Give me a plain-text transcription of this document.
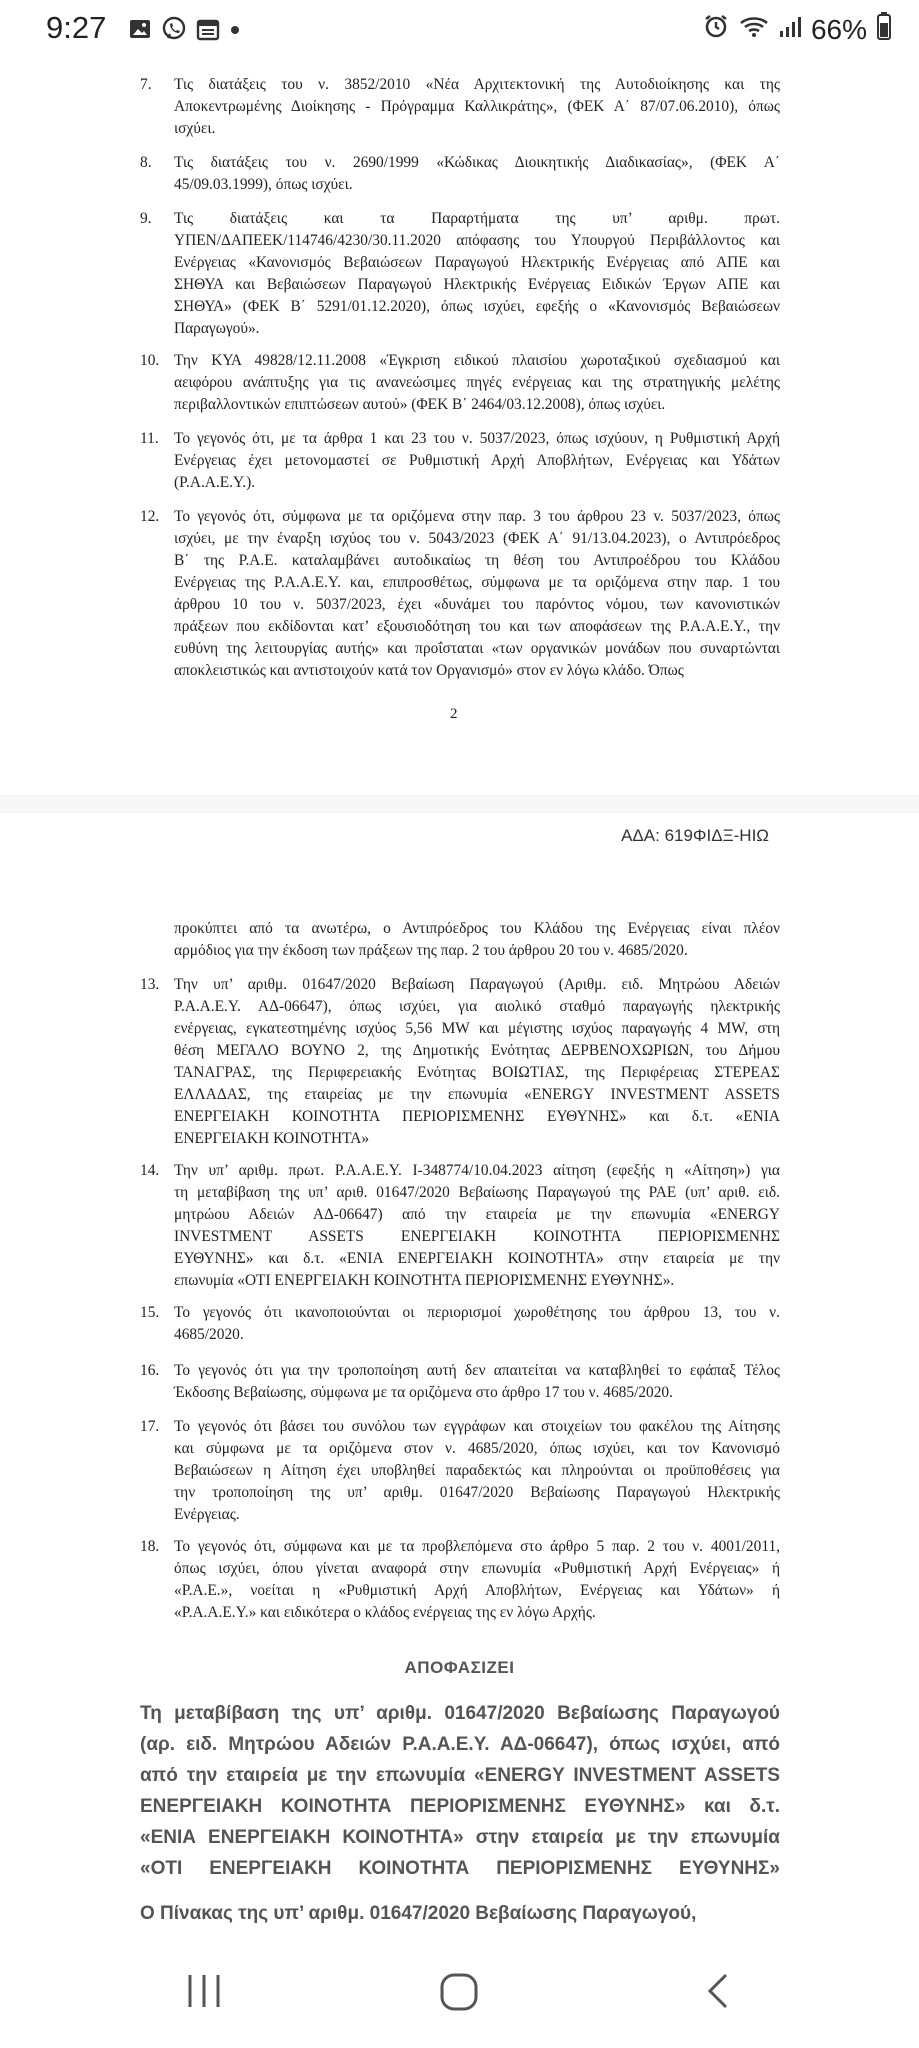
9:27	66%
7. Τις διατάξεις του ν. 3852/2010 «Νέα Αρχιτεκτονική της Αυτοδιοίκησης και της
Αποκεντρωμένης Διοίκησης - Πρόγραμμα Καλλικράτης», (ΦΕΚ Α΄ 87/07.06.2010), όπως
ισχύει.
8. Τις διατάξεις του ν. 2690/1999 «Κώδικας Διοικητικής Διαδικασίας», (ΦΕΚ Α΄
45/09.03.1999), όπως ισχύει.
9. Τις διατάξεις και τα Παραρτήματα της υπ’ αριθμ. πρωτ.
ΥΠΕΝ/ΔΑΠΕΕΚ/114746/4230/30.11.2020 απόφασης του Υπουργού Περιβάλλοντος και
Ενέργειας «Κανονισμός Βεβαιώσεων Παραγωγού Ηλεκτρικής Ενέργειας από ΑΠΕ και
ΣΗΘΥΑ και Βεβαιώσεων Παραγωγού Ηλεκτρικής Ενέργειας Ειδικών Έργων ΑΠΕ και
ΣΗΘΥΑ» (ΦΕΚ Β΄ 5291/01.12.2020), όπως ισχύει, εφεξής ο «Κανονισμός Βεβαιώσεων
Παραγωγού».
10. Την ΚΥΑ 49828/12.11.2008 «Έγκριση ειδικού πλαισίου χωροταξικού σχεδιασμού και
αειφόρου ανάπτυξης για τις ανανεώσιμες πηγές ενέργειας και της στρατηγικής μελέτης
περιβαλλοντικών επιπτώσεων αυτού» (ΦΕΚ Β΄ 2464/03.12.2008), όπως ισχύει.
11. Το γεγονός ότι, με τα άρθρα 1 και 23 του ν. 5037/2023, όπως ισχύουν, η Ρυθμιστική Αρχή
Ενέργειας έχει μετονομαστεί σε Ρυθμιστική Αρχή Αποβλήτων, Ενέργειας και Υδάτων
(Ρ.Α.Α.Ε.Υ.).
12. Το γεγονός ότι, σύμφωνα με τα οριζόμενα στην παρ. 3 του άρθρου 23 v. 5037/2023, όπως
ισχύει, με την έναρξη ισχύος του ν. 5043/2023 (ΦΕΚ Α΄ 91/13.04.2023), ο Αντιπρόεδρος
Β΄ της Ρ.Α.Ε. καταλαμβάνει αυτοδικαίως τη θέση του Αντιπροέδρου του Κλάδου
Ενέργειας της Ρ.Α.Α.Ε.Υ. και, επιπροσθέτως, σύμφωνα με τα οριζόμενα στην παρ. 1 του
άρθρου 10 του ν. 5037/2023, έχει «δυνάμει του παρόντος νόμου, των κανονιστικών
πράξεων που εκδίδονται κατ’ εξουσιοδότηση του και των αποφάσεων της Ρ.Α.Α.Ε.Υ., την
ευθύνη της λειτουργίας αυτής» και προΐσταται «των οργανικών μονάδων που συναρτώνται
αποκλειστικώς και αντιστοιχούν κατά τον Οργανισμό» στον εν λόγω κλάδο. Όπως
2
ΑΔΑ: 619ΦΙΔΞ-ΗΙΩ
προκύπτει από τα ανωτέρω, ο Αντιπρόεδρος του Κλάδου της Ενέργειας είναι πλέον
αρμόδιος για την έκδοση των πράξεων της παρ. 2 του άρθρου 20 του ν. 4685/2020.
13. Την υπ’ αριθμ. 01647/2020 Βεβαίωση Παραγωγού (Αριθμ. ειδ. Μητρώου Αδειών
Ρ.Α.Α.Ε.Υ. ΑΔ-06647), όπως ισχύει, για αιολικό σταθμό παραγωγής ηλεκτρικής
ενέργειας, εγκατεστημένης ισχύος 5,56 MW και μέγιστης ισχύος παραγωγής 4 MW, στη
θέση ΜΕΓΑΛΟ ΒΟΥΝΟ 2, της Δημοτικής Ενότητας ΔΕΡΒΕΝΟΧΩΡΙΩΝ, του Δήμου
ΤΑΝΑΓΡΑΣ, της Περιφερειακής Ενότητας ΒΟΙΩΤΙΑΣ, της Περιφέρειας ΣΤΕΡΕΑΣ
ΕΛΛΑΔΑΣ, της εταιρείας με την επωνυμία «ENERGY INVESTMENT ASSETS
ΕΝΕΡΓΕΙΑΚΗ ΚΟΙΝΟΤΗΤΑ ΠΕΡΙΟΡΙΣΜΕΝΗΣ ΕΥΘΥΝΗΣ» και δ.τ. «ΕΝΙΑ
ΕΝΕΡΓΕΙΑΚΗ ΚΟΙΝΟΤΗΤΑ»
14. Την υπ’ αριθμ. πρωτ. Ρ.Α.Α.Ε.Υ. Ι-348774/10.04.2023 αίτηση (εφεξής η «Αίτηση») για
τη μεταβίβαση της υπ’ αριθ. 01647/2020 Βεβαίωσης Παραγωγού της ΡΑΕ (υπ’ αριθ. ειδ.
μητρώου Αδειών ΑΔ-06647) από την εταιρεία με την επωνυμία «ENERGY
INVESTMENT ASSETS ΕΝΕΡΓΕΙΑΚΗ ΚΟΙΝΟΤΗΤΑ ΠΕΡΙΟΡΙΣΜΕΝΗΣ
ΕΥΘΥΝΗΣ» και δ.τ. «ΕΝΙΑ ΕΝΕΡΓΕΙΑΚΗ ΚΟΙΝΟΤΗΤΑ» στην εταιρεία με την
επωνυμία «ΟΤΙ ΕΝΕΡΓΕΙΑΚΗ ΚΟΙΝΟΤΗΤΑ ΠΕΡΙΟΡΙΣΜΕΝΗΣ ΕΥΘΥΝΗΣ».
15. Το γεγονός ότι ικανοποιούνται οι περιορισμοί χωροθέτησης του άρθρου 13, του ν.
4685/2020.
16. Το γεγονός ότι για την τροποποίηση αυτή δεν απαιτείται να καταβληθεί το εφάπαξ Τέλος
Έκδοσης Βεβαίωσης, σύμφωνα με τα οριζόμενα στο άρθρο 17 του ν. 4685/2020.
17. Το γεγονός ότι βάσει του συνόλου των εγγράφων και στοιχείων του φακέλου της Αίτησης
και σύμφωνα με τα οριζόμενα στον ν. 4685/2020, όπως ισχύει, και τον Κανονισμό
Βεβαιώσεων η Αίτηση έχει υποβληθεί παραδεκτώς και πληρούνται οι προϋποθέσεις για
την τροποποίηση της υπ’ αριθμ. 01647/2020 Βεβαίωσης Παραγωγού Ηλεκτρικής
Ενέργειας.
18. Το γεγονός ότι, σύμφωνα και με τα προβλεπόμενα στο άρθρο 5 παρ. 2 του ν. 4001/2011,
όπως ισχύει, όπου γίνεται αναφορά στην επωνυμία «Ρυθμιστική Αρχή Ενέργειας» ή
«Ρ.Α.Ε.», νοείται η «Ρυθμιστική Αρχή Αποβλήτων, Ενέργειας και Υδάτων» ή
«Ρ.Α.Α.Ε.Υ.» και ειδικότερα ο κλάδος ενέργειας της εν λόγω Αρχής.
ΑΠΟΦΑΣΙΖΕΙ
Τη μεταβίβαση της υπ’ αριθμ. 01647/2020 Βεβαίωσης Παραγωγού
(αρ. ειδ. Μητρώου Αδειών Ρ.Α.Α.Ε.Υ. ΑΔ-06647), όπως ισχύει, από
από την εταιρεία με την επωνυμία «ENERGY INVESTMENT ASSETS
ΕΝΕΡΓΕΙΑΚΗ ΚΟΙΝΟΤΗΤΑ ΠΕΡΙΟΡΙΣΜΕΝΗΣ ΕΥΘΥΝΗΣ» και δ.τ.
«ΕΝΙΑ ΕΝΕΡΓΕΙΑΚΗ ΚΟΙΝΟΤΗΤΑ» στην εταιρεία με την επωνυμία
«ΟΤΙ ΕΝΕΡΓΕΙΑΚΗ ΚΟΙΝΟΤΗΤΑ ΠΕΡΙΟΡΙΣΜΕΝΗΣ ΕΥΘΥΝΗΣ»
Ο Πίνακας της υπ’ αριθμ. 01647/2020 Βεβαίωσης Παραγωγού,
